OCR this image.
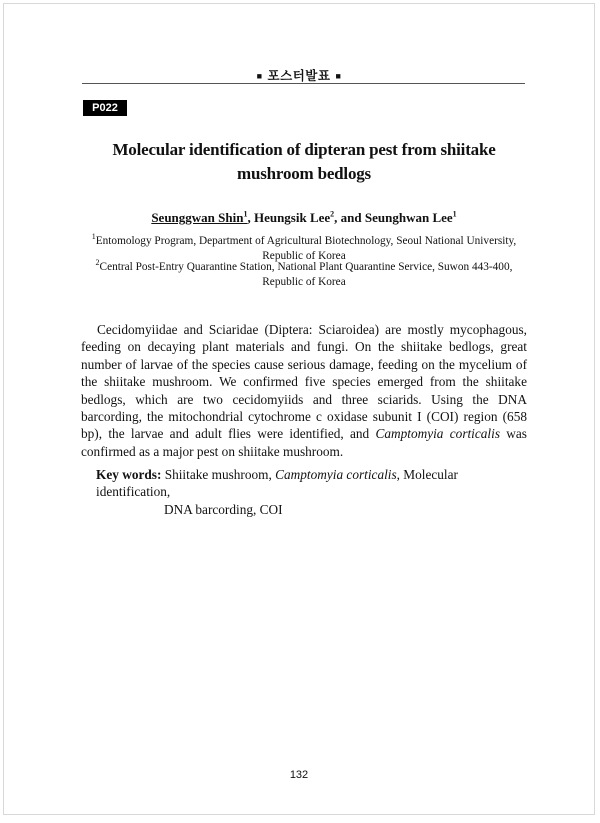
■ 포스터발표 ■
P022
Molecular identification of dipteran pest from shiitake
mushroom bedlogs
Seunggwan Shin$^1$, Heungsik Lee$^2$, and Seunghwan Lee$^1$
$^1$Entomology Program, Department of Agricultural Biotechnology, Seoul National University,
Republic of Korea
$^2$Central Post-Entry Quarantine Station, National Plant Quarantine Service, Suwon 443-400,
Republic of Korea

Cecidomyiidae and Sciaridae (Diptera: Sciaroidea) are mostly mycophagous, feeding on decaying plant materials and fungi. On the shiitake bedlogs, great number of larvae of the species cause serious damage, feeding on the mycelium of the shiitake mushroom. We confirmed five species emerged from the shiitake bedlogs, which are two cecidomyiids and three sciarids. Using the DNA barcording, the mitochondrial cytochrome c oxidase subunit I (COI) region (658 bp), the larvae and adult flies were identified, and Camptomyia corticalis was confirmed as a major pest on shiitake mushroom.

Key words: Shiitake mushroom, Camptomyia corticalis, Molecular identification,
DNA barcording, COI
132
